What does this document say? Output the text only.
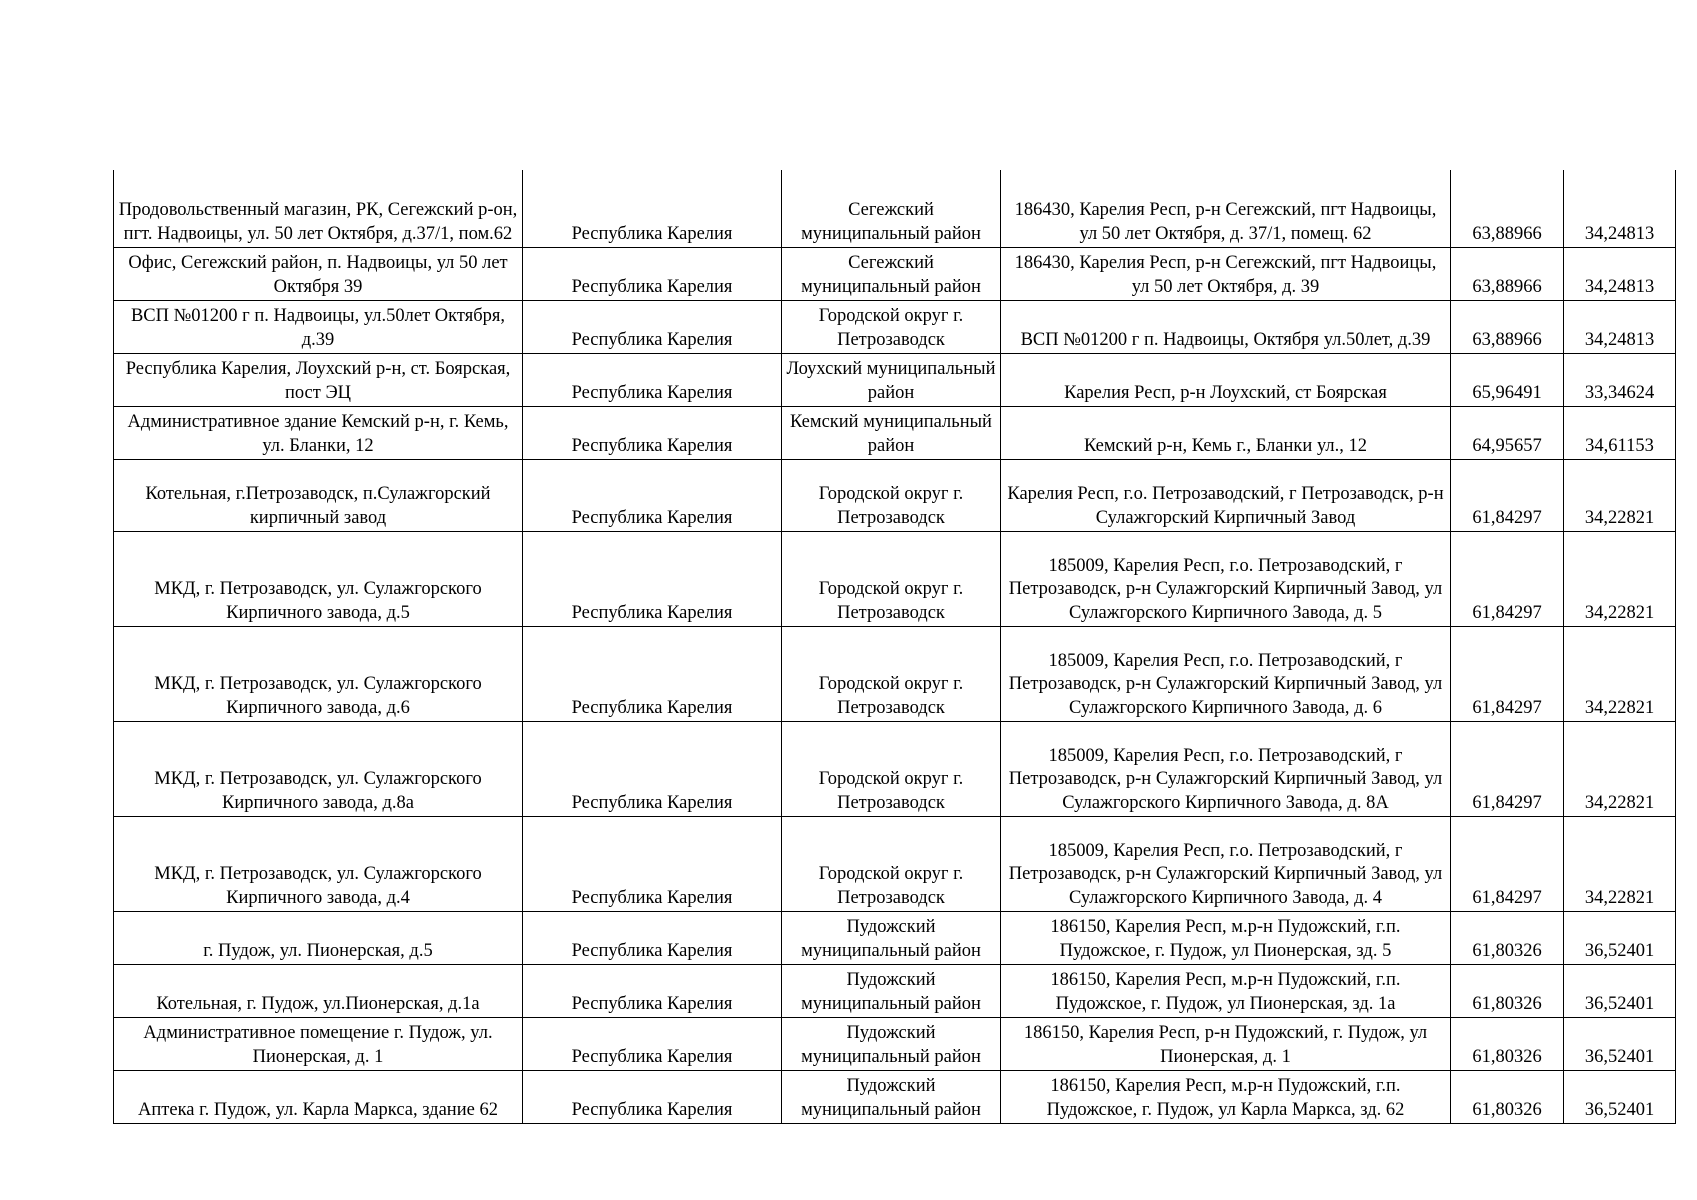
Продовольственный магазин, РК, Сегежский р-он, пгт. Надвоицы, ул. 50 лет Октября, д.37/1, пом.62	Республика Карелия	Сегежский муниципальный район	186430, Карелия Респ, р-н Сегежский, пгт Надвоицы, ул 50 лет Октября, д. 37/1, помещ. 62	63,88966	34,24813
Офис, Сегежский район, п. Надвоицы, ул 50 лет Октября 39	Республика Карелия	Сегежский муниципальный район	186430, Карелия Респ, р-н Сегежский, пгт Надвоицы, ул 50 лет Октября, д. 39	63,88966	34,24813
ВСП №01200 г п. Надвоицы, ул.50лет Октября, д.39	Республика Карелия	Городской округ г. Петрозаводск	ВСП №01200 г п. Надвоицы, Октября ул.50лет, д.39	63,88966	34,24813
Республика Карелия, Лоухский р-н, ст. Боярская, пост ЭЦ	Республика Карелия	Лоухский муниципальный район	Карелия Респ, р-н Лоухский, ст Боярская	65,96491	33,34624
Административное здание Кемский р-н, г. Кемь, ул. Бланки, 12	Республика Карелия	Кемский муниципальный район	Кемский р-н, Кемь г., Бланки ул., 12	64,95657	34,61153
Котельная, г.Петрозаводск, п.Сулажгорский кирпичный завод	Республика Карелия	Городской округ г. Петрозаводск	Карелия Респ, г.о. Петрозаводский, г Петрозаводск, р-н Сулажгорский Кирпичный Завод	61,84297	34,22821
МКД, г. Петрозаводск, ул. Сулажгорского Кирпичного завода, д.5	Республика Карелия	Городской округ г. Петрозаводск	185009, Карелия Респ, г.о. Петрозаводский, г Петрозаводск, р-н Сулажгорский Кирпичный Завод, ул Сулажгорского Кирпичного Завода, д. 5	61,84297	34,22821
МКД, г. Петрозаводск, ул. Сулажгорского Кирпичного завода, д.6	Республика Карелия	Городской округ г. Петрозаводск	185009, Карелия Респ, г.о. Петрозаводский, г Петрозаводск, р-н Сулажгорский Кирпичный Завод, ул Сулажгорского Кирпичного Завода, д. 6	61,84297	34,22821
МКД, г. Петрозаводск, ул. Сулажгорского Кирпичного завода, д.8а	Республика Карелия	Городской округ г. Петрозаводск	185009, Карелия Респ, г.о. Петрозаводский, г Петрозаводск, р-н Сулажгорский Кирпичный Завод, ул Сулажгорского Кирпичного Завода, д. 8А	61,84297	34,22821
МКД, г. Петрозаводск, ул. Сулажгорского Кирпичного завода, д.4	Республика Карелия	Городской округ г. Петрозаводск	185009, Карелия Респ, г.о. Петрозаводский, г Петрозаводск, р-н Сулажгорский Кирпичный Завод, ул Сулажгорского Кирпичного Завода, д. 4	61,84297	34,22821
г. Пудож, ул. Пионерская, д.5	Республика Карелия	Пудожский муниципальный район	186150, Карелия Респ, м.р-н Пудожский, г.п. Пудожское, г. Пудож, ул Пионерская, зд. 5	61,80326	36,52401
Котельная, г. Пудож, ул.Пионерская, д.1а	Республика Карелия	Пудожский муниципальный район	186150, Карелия Респ, м.р-н Пудожский, г.п. Пудожское, г. Пудож, ул Пионерская, зд. 1а	61,80326	36,52401
Административное помещение г. Пудож, ул. Пионерская, д. 1	Республика Карелия	Пудожский муниципальный район	186150, Карелия Респ, р-н Пудожский, г. Пудож, ул Пионерская, д. 1	61,80326	36,52401
Аптека г. Пудож, ул. Карла Маркса, здание 62	Республика Карелия	Пудожский муниципальный район	186150, Карелия Респ, м.р-н Пудожский, г.п. Пудожское, г. Пудож, ул Карла Маркса, зд. 62	61,80326	36,52401
